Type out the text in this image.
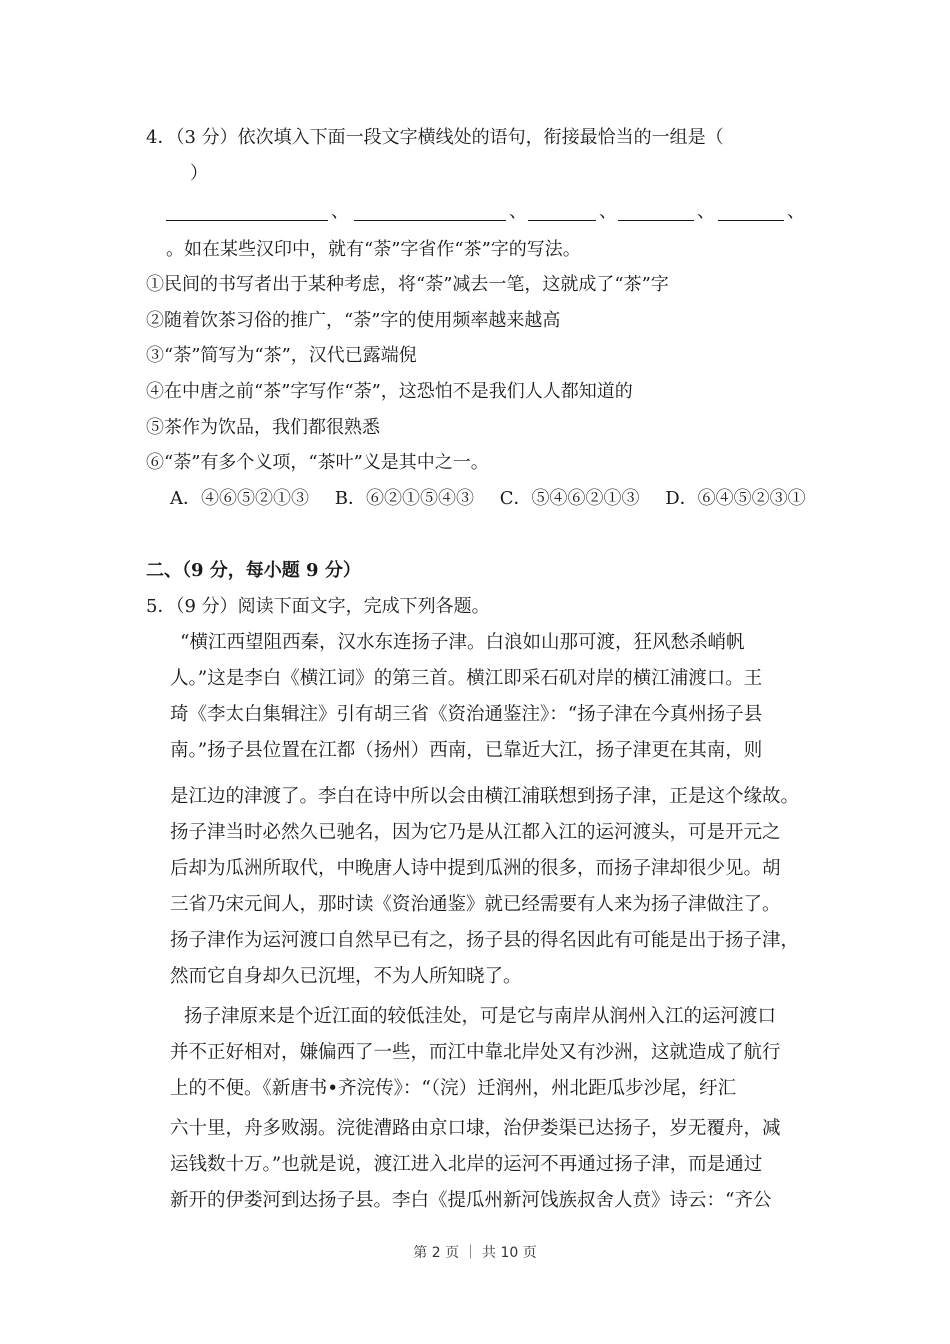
4．（3 分）依次填入下面一段文字横线处的语句，衔接最恰当的一组是（
）
、	、	、	、	、
。如在某些汉印中，就有“荼”字省作“茶”字的写法。
①民间的书写者出于某种考虑，将“荼”减去一笔，这就成了“茶”字
②随着饮茶习俗的推广，“荼”字的使用频率越来越高
③“荼”简写为“茶”，汉代已露端倪
④在中唐之前“茶”字写作“荼”，这恐怕不是我们人人都知道的
⑤茶作为饮品，我们都很熟悉
⑥“荼”有多个义项，“茶叶”义是其中之一。
A．④⑥⑤②①③ B．⑥②①⑤④③ C．⑤④⑥②①③ D．⑥④⑤②③①
二、（9 分，每小题 9 分）
5．（9 分）阅读下面文字，完成下列各题。
“横江西望阻西秦，汉水东连扬子津。白浪如山那可渡，狂风愁杀峭帆
人。”这是李白《横江词》的第三首。横江即采石矶对岸的横江浦渡口。王
琦《李太白集辑注》引有胡三省《资治通鉴注》：“扬子津在今真州扬子县
南。”扬子县位置在江都（扬州）西南，已靠近大江，扬子津更在其南，则
是江边的津渡了。李白在诗中所以会由横江浦联想到扬子津，正是这个缘故。
扬子津当时必然久已驰名，因为它乃是从江都入江的运河渡头，可是开元之
后却为瓜洲所取代，中晚唐人诗中提到瓜洲的很多，而扬子津却很少见。胡
三省乃宋元间人，那时读《资治通鉴》就已经需要有人来为扬子津做注了。
扬子津作为运河渡口自然早已有之，扬子县的得名因此有可能是出于扬子津，
然而它自身却久已沉埋，不为人所知晓了。
扬子津原来是个近江面的较低洼处，可是它与南岸从润州入江的运河渡口
并不正好相对，嫌偏西了一些，而江中靠北岸处又有沙洲，这就造成了航行
上的不便。《新唐书•齐浣传》：“（浣）迁润州，州北距瓜步沙尾，纡汇
六十里，舟多败溺。浣徙漕路由京口埭，治伊娄渠已达扬子，岁无覆舟，减
运钱数十万。”也就是说，渡江进入北岸的运河不再通过扬子津，而是通过
新开的伊娄河到达扬子县。李白《提瓜州新河饯族叔舍人贲》诗云：“齐公
第 2 页 ｜ 共 10 页
